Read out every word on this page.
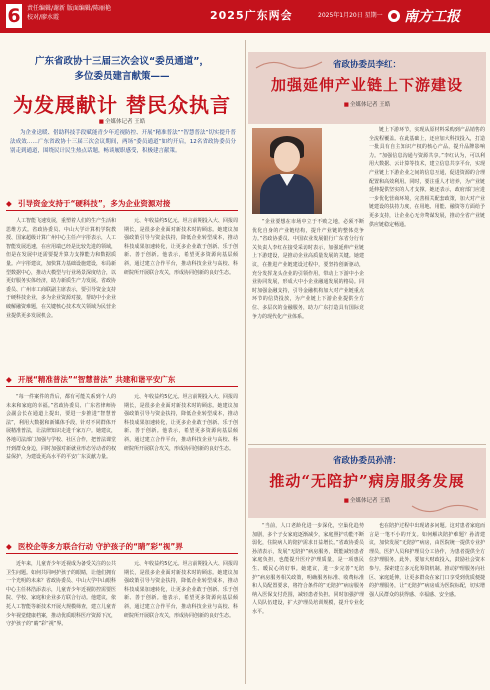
6 责任编辑/谢新 版面编辑/陈丽艳
校对/廖水霞	2025广东两会	2025年1月20日 星期一 南方工报
广东省政协十三届三次会议“委员通道”，
多位委员建言献策——
为发展献计 替民众执言
■ 全媒体记者 王皓

为企业送暖、借助科技手段赋能青少年近视防控、开展“精准普法”“智慧普法”切实提升普法成效……广东省政协十三届三次会议期间，两场“委员通道”如约开启，12名省政协委员分别走到通道，围绕民计民生热点话题，畅谈履职感受，积极建言献策。

◆ 引导资金支持于“硬科技”，多为企业资源对接

人工智能飞速发展，重塑着人们的生产生活和思维方式。省政协委员、中山大学计算机学院教授、国家超级计算广州中心主任卢宇彤表示，人工智能发展迅速，在应用端已经是比较先进的领域，但是在发展中还需要提升算力支撑能力和数据质量。卢宇彤建议，加快算力基础设施建设，布局新型数据中心，推动大模型与行业场景深度结合，以更好服务实体经济，助力新质生产力发展。省政协委员、广州市工商联副主席表示，要引导资金支持于硬科技企业，多为企业资源对接，帮助中小企业破解融资难题，在关键核心技术攻关领域为民营企业提供更多发展机会。

元、年收益约5亿元。坦言前期投入大、回报周期长，是很多企业面对新技术时的顾虑。她建议加强政策引导与资金扶持，降低企业转型成本，推动科技成果加速转化，让更多企业敢于创新、乐于创新、善于创新。他表示，希望更多资源向基层倾斜，通过建立合作平台，推动科技企业与高校、科研院所开展联合攻关，形成协同创新的良好生态。

◆ 开展“精准普法”“智慧普法” 共建和谐平安广东

“每一件案件的背后，都有可能关系到个人的未来和家庭的幸福。”省政协委员、广东省律师协会副会长在通道上提出，要进一步推进“智慧普法”，利用大数据和新媒体手段，针对不同群体开展精准普法，让法律知识走进千家万户。她建议，各地司法部门加强与学校、社区合作，把普法课堂开到群众身边，同时加强对新就业形态劳动者的权益保护，为建设更高水平的平安广东贡献力量。

元、年收益约5亿元。坦言前期投入大、回报周期长，是很多企业面对新技术时的顾虑。她建议加强政策引导与资金扶持，降低企业转型成本，推动科技成果加速转化，让更多企业敢于创新、乐于创新、善于创新。他表示，希望更多资源向基层倾斜，通过建立合作平台，推动科技企业与高校、科研院所开展联合攻关，形成协同创新的良好生态。

◆ 医校企等多方联合行动 守护孩子的“睛”彩“视”界

近年来，儿童青少年近视成为备受关注的公共卫生问题。如何共同呵护孩子的眼睛，让他们拥有一个光明的未来？省政协委员、中山大学中山眼科中心主任林浩添表示，儿童青少年近视防控需要医院、学校、家庭和企业多方联合行动。他建议，依托人工智能等新技术开展大规模筛查，建立儿童青少年视觉健康档案，推动优质眼科医疗资源下沉，守护孩子的“睛”彩“视”界。

元、年收益约5亿元。坦言前期投入大、回报周期长，是很多企业面对新技术时的顾虑。她建议加强政策引导与资金扶持，降低企业转型成本，推动科技成果加速转化，让更多企业敢于创新、乐于创新、善于创新。他表示，希望更多资源向基层倾斜，通过建立合作平台，推动科技企业与高校、科研院所开展联合攻关，形成协同创新的良好生态。

省政协委员李红：
加强延伸产业链上下游建设
■ 全媒体记者 王皓

“企业要想在市场中立于不败之地，必须不断优化自身的产业链结构，提升产业链的整体竞争力。”省政协委员、中国农业发展银行广东省分行有关负责人李红在接受采访时表示，加强延伸产业链上下游建设，是推动企业高质量发展的关键。她建议，在推进产业链建设过程中，要坚持创新驱动，充分发挥龙头企业的引领作用，带动上下游中小企业协同发展，形成大中小企业融通发展的格局。同时加强金融支持，引导金融机构加大对产业链重点环节的信贷投放，为产业链上下游企业提供全方位、多层次的金融服务，助力广东打造具有国际竞争力的现代化产业体系。

链上下游环节，实现从原材料采购到产品销售的全流程覆盖。在此基础上，还应加大科技投入，打造一批具有自主知识产权的核心产品，提升品牌影响力。“加强信息沟通与资源共享。”李红认为，可以利用大数据、云计算等技术，建立信息共享平台，实现产业链上下游企业之间的信息互通，促进资源的合理配置和高效利用。同时，要注重人才培养，为产业链延伸提供坚实的人才支撑。她还表示，政府部门应进一步优化营商环境，完善相关配套政策，加大对产业链建设的扶持力度，在用地、用能、融资等方面给予更多支持，让企业心无旁骛谋发展，推动全省产业链供应链稳定畅通。

省政协委员孙清：
推动“无陪护”病房服务发展
■ 全媒体记者 王皓

“当前，人口老龄化进一步深化，空巢化趋势加剧，多个子女家庭逐渐减少，家庭照护功能不断弱化，住院病人的陪护需求日益增长。”省政协委员孙清表示，发展“无陪护”病房服务，既能减轻患者家庭负担，也能提升医疗护理质量，是一项惠民生、暖民心的好事。她建议，进一步完善“无陪护”病房服务相关政策，明确服务标准、收费标准和人员配置要求，将符合条件的“无陪护”病房服务纳入医保支付范围，减轻患者负担。同时加强护理人员队伍建设，扩大护理员培训规模，提升专业化水平。

也在陪护过程中出现诸多问题。这对患者家庭而言是一笔不小的开支。如何解决陪护难题？孙清建议，加快发展“无陪护”病房，由医院统一提供专业护理员，医护人员和护理员分工协作，为患者提供全方位护理服务。此外，要加大财政投入，鼓励社会资本参与，探索建立多元化筹资机制。推动护理服务向社区、家庭延伸，让更多群众在家门口享受到优质便捷的护理服务，让“无陪护”病房成为医院标配，切实增强人民群众的获得感、幸福感、安全感。
